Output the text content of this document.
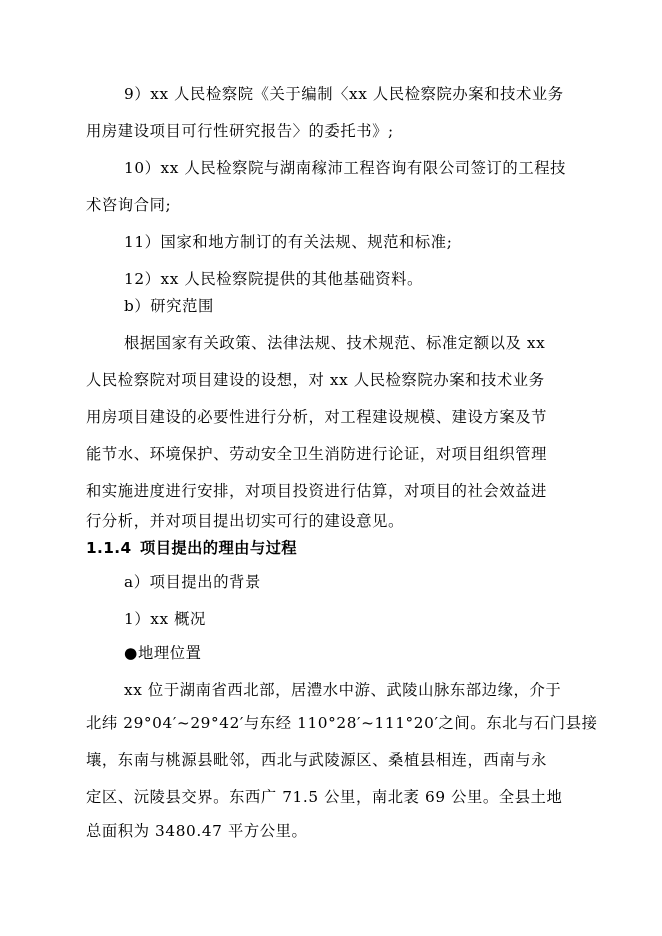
9）xx 人民检察院《关于编制〈xx 人民检察院办案和技术业务
用房建设项目可行性研究报告〉的委托书》;
10）xx 人民检察院与湖南稼沛工程咨询有限公司签订的工程技
术咨询合同;
11）国家和地方制订的有关法规、规范和标准;
12）xx 人民检察院提供的其他基础资料。
b）研究范围
根据国家有关政策、法律法规、技术规范、标准定额以及 xx
人民检察院对项目建设的设想，对 xx 人民检察院办案和技术业务
用房项目建设的必要性进行分析，对工程建设规模、建设方案及节
能节水、环境保护、劳动安全卫生消防进行论证，对项目组织管理
和实施进度进行安排，对项目投资进行估算，对项目的社会效益进
行分析，并对项目提出切实可行的建设意见。
1.1.4 项目提出的理由与过程
a）项目提出的背景
1）xx 概况
●地理位置
xx 位于湖南省西北部，居澧水中游、武陵山脉东部边缘，介于
北纬 29°04′~29°42′与东经 110°28′~111°20′之间。东北与石门县接
壤，东南与桃源县毗邻，西北与武陵源区、桑植县相连，西南与永
定区、沅陵县交界。东西广 71.5 公里，南北袤 69 公里。全县土地
总面积为 3480.47 平方公里。
